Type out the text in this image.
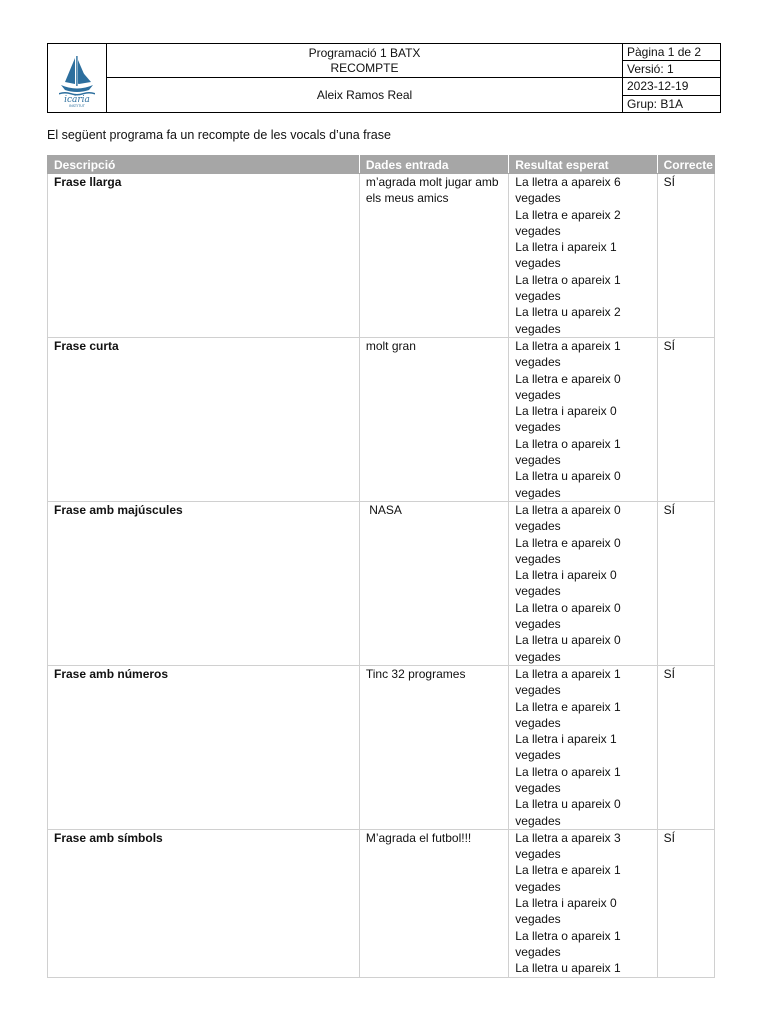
icària
INSTITUT	Programació 1 BATX
RECOMPTE	Pàgina 1 de 2
		Versió: 1
	Aleix Ramos Real	2023-12-19
		Grup: B1A

El següent programa fa un recompte de les vocals d’una frase

Descripció	Dades entrada	Resultat esperat	Correcte
Frase llarga	m’agrada molt jugar amb els meus amics	La lletra a apareix 6 vegades
La lletra e apareix 2 vegades
La lletra i apareix 1 vegades
La lletra o apareix 1 vegades
La lletra u apareix 2 vegades	SÍ
Frase curta	molt gran	La lletra a apareix 1 vegades
La lletra e apareix 0 vegades
La lletra i apareix 0 vegades
La lletra o apareix 1 vegades
La lletra u apareix 0 vegades	SÍ
Frase amb majúscules	NASA	La lletra a apareix 0 vegades
La lletra e apareix 0 vegades
La lletra i apareix 0 vegades
La lletra o apareix 0 vegades
La lletra u apareix 0 vegades	SÍ
Frase amb números	Tinc 32 programes	La lletra a apareix 1 vegades
La lletra e apareix 1 vegades
La lletra i apareix 1 vegades
La lletra o apareix 1 vegades
La lletra u apareix 0 vegades	SÍ
Frase amb símbols	M’agrada el futbol!!!	La lletra a apareix 3 vegades
La lletra e apareix 1 vegades
La lletra i apareix 0 vegades
La lletra o apareix 1 vegades
La lletra u apareix 1	SÍ
